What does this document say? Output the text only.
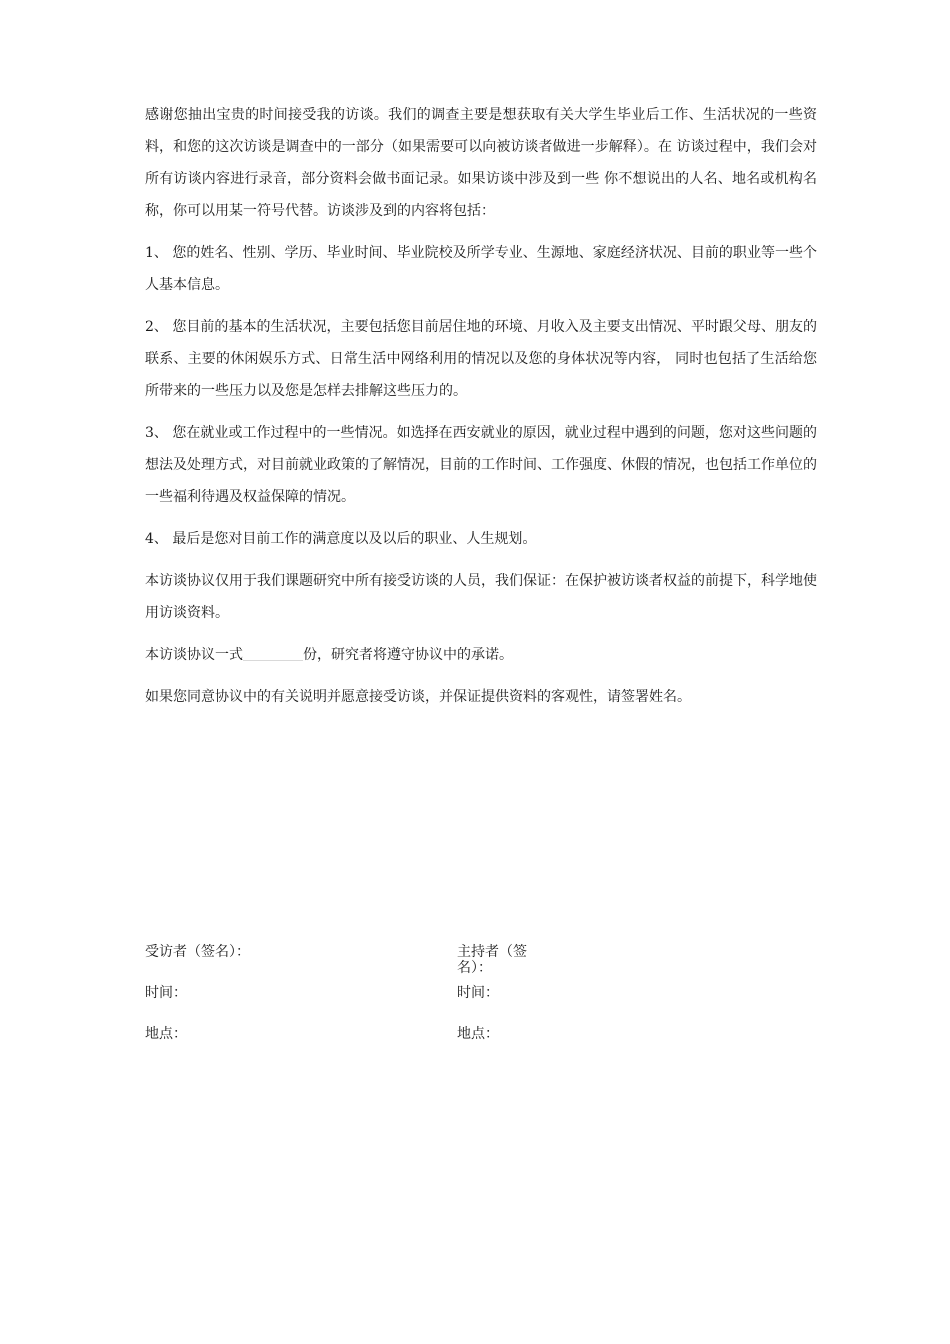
感谢您抽出宝贵的时间接受我的访谈。我们的调查主要是想获取有关大学生毕业后工作、生活状况的一些资料，和您的这次访谈是调查中的一部分（如果需要可以向被访谈者做进一步解释）。在 访谈过程中，我们会对所有访谈内容进行录音，部分资料会做书面记录。如果访谈中涉及到一些 你不想说出的人名、地名或机构名称，你可以用某一符号代替。访谈涉及到的内容将包括：

1、 您的姓名、性别、学历、毕业时间、毕业院校及所学专业、生源地、家庭经济状况、目前的职业等一些个人基本信息。

2、 您目前的基本的生活状况，主要包括您目前居住地的环境、月收入及主要支出情况、平时跟父母、朋友的联系、主要的休闲娱乐方式、日常生活中网络利用的情况以及您的身体状况等内容， 同时也包括了生活给您所带来的一些压力以及您是怎样去排解这些压力的。

3、 您在就业或工作过程中的一些情况。如选择在西安就业的原因，就业过程中遇到的问题，您对这些问题的想法及处理方式，对目前就业政策的了解情况，目前的工作时间、工作强度、休假的情况，也包括工作单位的一些福利待遇及权益保障的情况。

4、 最后是您对目前工作的满意度以及以后的职业、人生规划。

本访谈协议仅用于我们课题研究中所有接受访谈的人员，我们保证：在保护被访谈者权益的前提下，科学地使用访谈资料。

本访谈协议一式	份，研究者将遵守协议中的承诺。

如果您同意协议中的有关说明并愿意接受访谈，并保证提供资料的客观性，请签署姓名。

受访者（签名）：	主持者（签名）：
时间：	时间：
地点：	地点：
